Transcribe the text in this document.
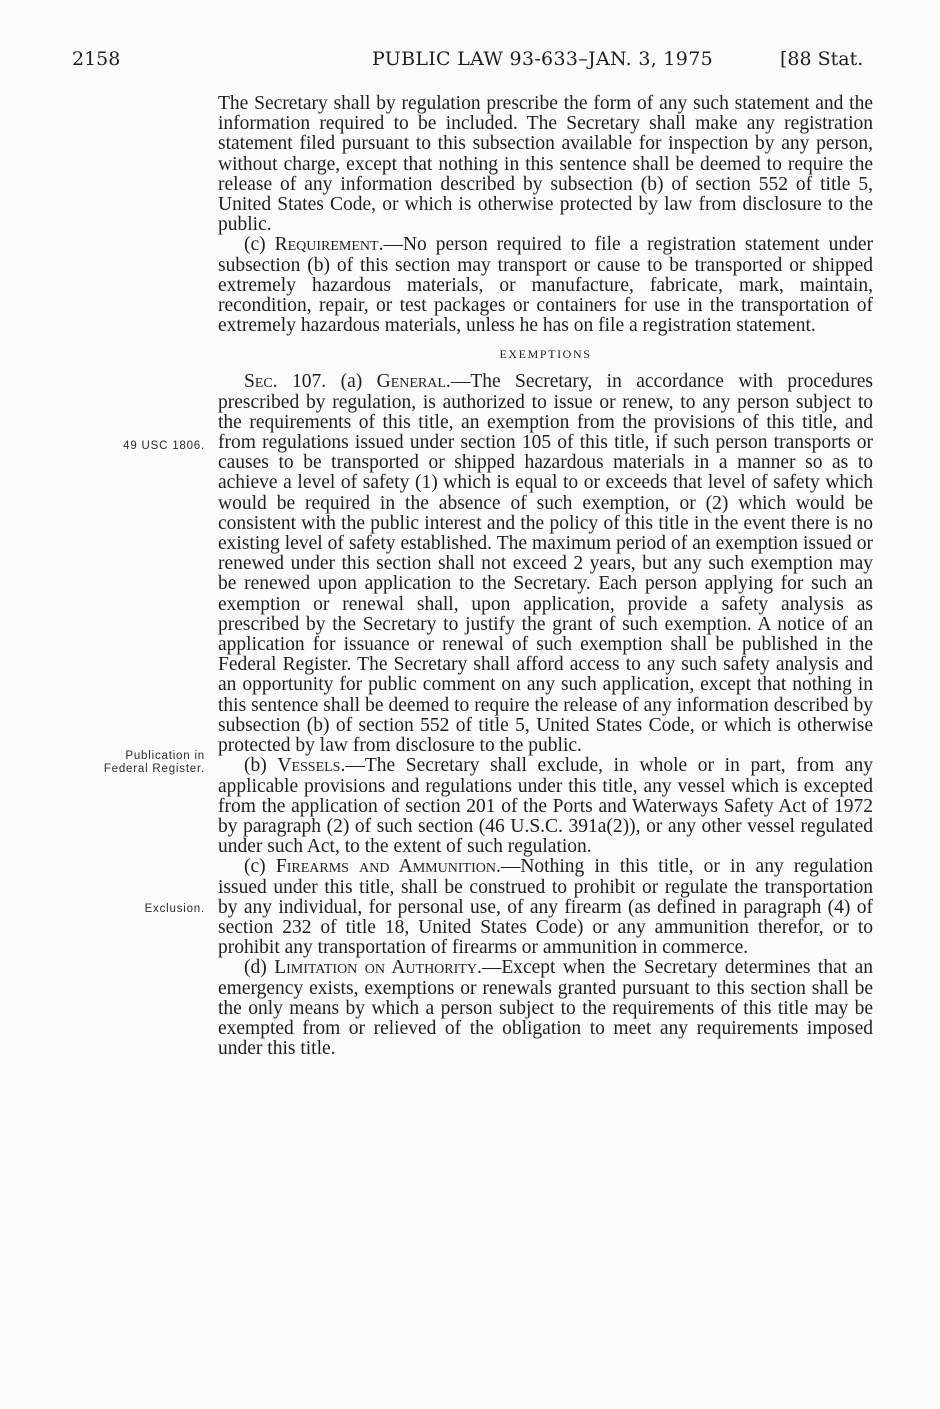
2158	PUBLIC LAW 93-633–JAN. 3, 1975	[88 Stat.
49 USC 1806.
Publication in
Federal Register.
Exclusion.

The Secretary shall by regulation prescribe the form of any such statement and the information required to be included. The Secretary shall make any registration statement filed pursuant to this subsection available for inspection by any person, without charge, except that nothing in this sentence shall be deemed to require the release of any information described by subsection (b) of section 552 of title 5, United States Code, or which is otherwise protected by law from disclosure to the public.

(c) Requirement.—No person required to file a registration statement under subsection (b) of this section may transport or cause to be transported or shipped extremely hazardous materials, or manufacture, fabricate, mark, maintain, recondition, repair, or test packages or containers for use in the transportation of extremely hazardous materials, unless he has on file a registration statement.

EXEMPTIONS

Sec. 107. (a) General.—The Secretary, in accordance with procedures prescribed by regulation, is authorized to issue or renew, to any person subject to the requirements of this title, an exemption from the provisions of this title, and from regulations issued under section 105 of this title, if such person transports or causes to be transported or shipped hazardous materials in a manner so as to achieve a level of safety (1) which is equal to or exceeds that level of safety which would be required in the absence of such exemption, or (2) which would be consistent with the public interest and the policy of this title in the event there is no existing level of safety established. The maximum period of an exemption issued or renewed under this section shall not exceed 2 years, but any such exemption may be renewed upon application to the Secretary. Each person applying for such an exemption or renewal shall, upon application, provide a safety analysis as prescribed by the Secretary to justify the grant of such exemption. A notice of an application for issuance or renewal of such exemption shall be published in the Federal Register. The Secretary shall afford access to any such safety analysis and an opportunity for public comment on any such application, except that nothing in this sentence shall be deemed to require the release of any information described by subsection (b) of section 552 of title 5, United States Code, or which is otherwise protected by law from disclosure to the public.

(b) Vessels.—The Secretary shall exclude, in whole or in part, from any applicable provisions and regulations under this title, any vessel which is excepted from the application of section 201 of the Ports and Waterways Safety Act of 1972 by paragraph (2) of such section (46 U.S.C. 391a(2)), or any other vessel regulated under such Act, to the extent of such regulation.

(c) Firearms and Ammunition.—Nothing in this title, or in any regulation issued under this title, shall be construed to prohibit or regulate the transportation by any individual, for personal use, of any firearm (as defined in paragraph (4) of section 232 of title 18, United States Code) or any ammunition therefor, or to prohibit any transportation of firearms or ammunition in commerce.

(d) Limitation on Authority.—Except when the Secretary determines that an emergency exists, exemptions or renewals granted pursuant to this section shall be the only means by which a person subject to the requirements of this title may be exempted from or relieved of the obligation to meet any requirements imposed under this title.
